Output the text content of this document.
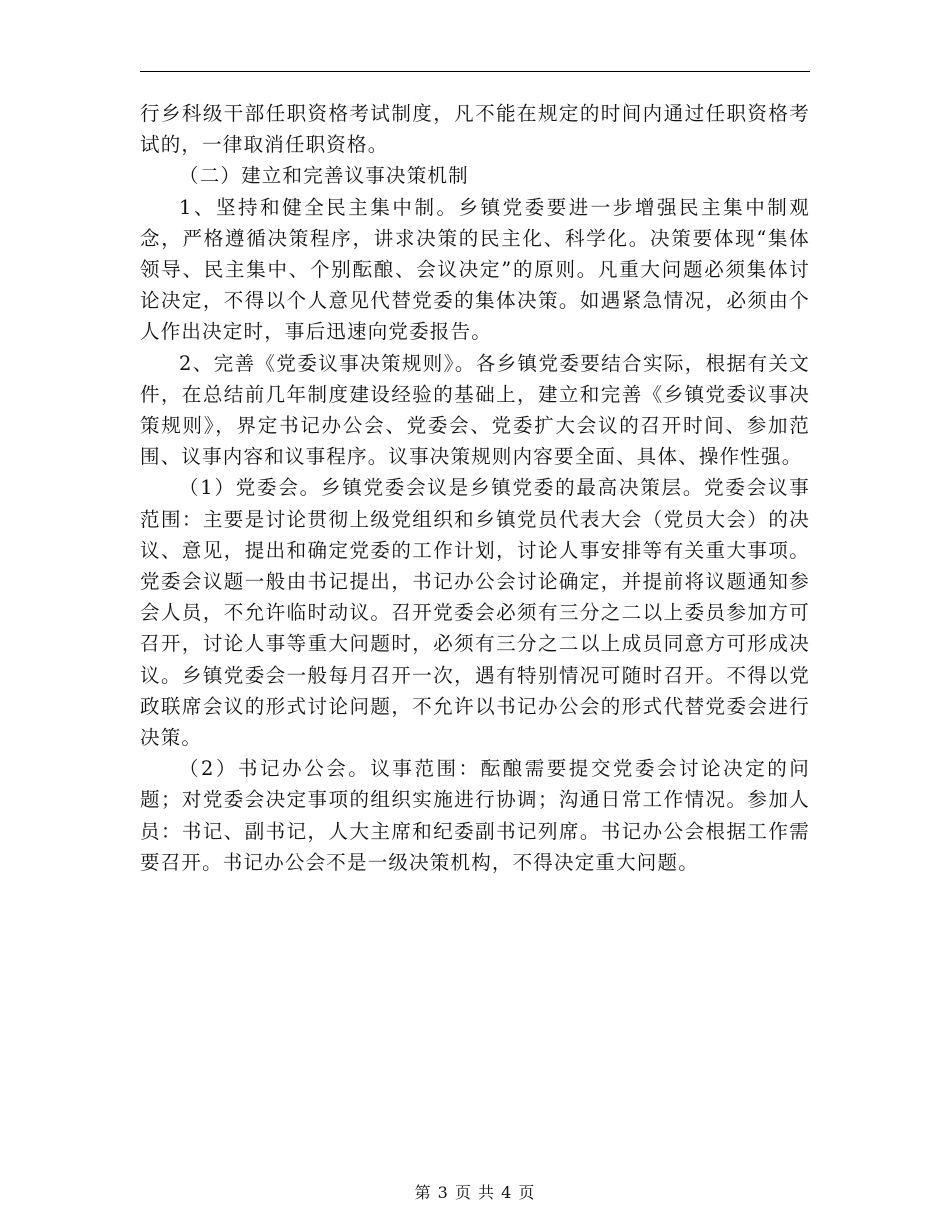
行乡科级干部任职资格考试制度，凡不能在规定的时间内通过任职资格考试的，一律取消任职资格。

（二）建立和完善议事决策机制

1、坚持和健全民主集中制。乡镇党委要进一步增强民主集中制观念，严格遵循决策程序，讲求决策的民主化、科学化。决策要体现“集体领导、民主集中、个别酝酿、会议决定”的原则。凡重大问题必须集体讨论决定，不得以个人意见代替党委的集体决策。如遇紧急情况，必须由个人作出决定时，事后迅速向党委报告。

2、完善《党委议事决策规则》。各乡镇党委要结合实际，根据有关文件，在总结前几年制度建设经验的基础上，建立和完善《乡镇党委议事决策规则》，界定书记办公会、党委会、党委扩大会议的召开时间、参加范围、议事内容和议事程序。议事决策规则内容要全面、具体、操作性强。

（1）党委会。乡镇党委会议是乡镇党委的最高决策层。党委会议事范围：主要是讨论贯彻上级党组织和乡镇党员代表大会（党员大会）的决议、意见，提出和确定党委的工作计划，讨论人事安排等有关重大事项。党委会议题一般由书记提出，书记办公会讨论确定，并提前将议题通知参会人员，不允许临时动议。召开党委会必须有三分之二以上委员参加方可召开，讨论人事等重大问题时，必须有三分之二以上成员同意方可形成决议。乡镇党委会一般每月召开一次，遇有特别情况可随时召开。不得以党政联席会议的形式讨论问题，不允许以书记办公会的形式代替党委会进行决策。

（2）书记办公会。议事范围：酝酿需要提交党委会讨论决定的问题；对党委会决定事项的组织实施进行协调；沟通日常工作情况。参加人员：书记、副书记，人大主席和纪委副书记列席。书记办公会根据工作需要召开。书记办公会不是一级决策机构，不得决定重大问题。

第 3 页 共 4 页
